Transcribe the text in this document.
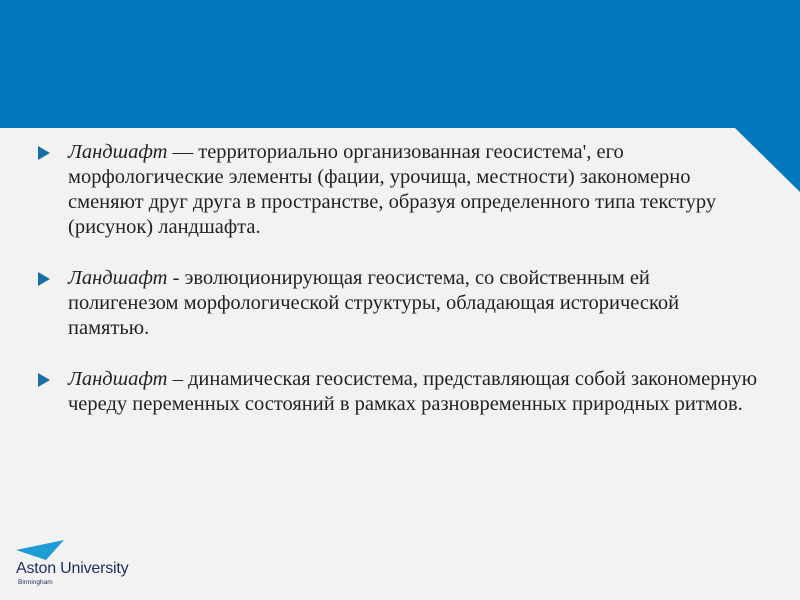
Ландшафт — территориально организованная геосистема', его морфологические элементы (фации, урочища, местности) закономерно сменяют друг друга в пространстве, образуя определенного типа текстуру (рисунок) ландшафта.
Ландшафт - эволюционирующая геосистема, со свойственным ей полигенезом морфологической структуры, обладающая исторической памятью.
Ландшафт – динамическая геосистема, представляющая собой закономерную череду переменных состояний в рамках разновременных природных ритмов.
Aston University
Birmingham
